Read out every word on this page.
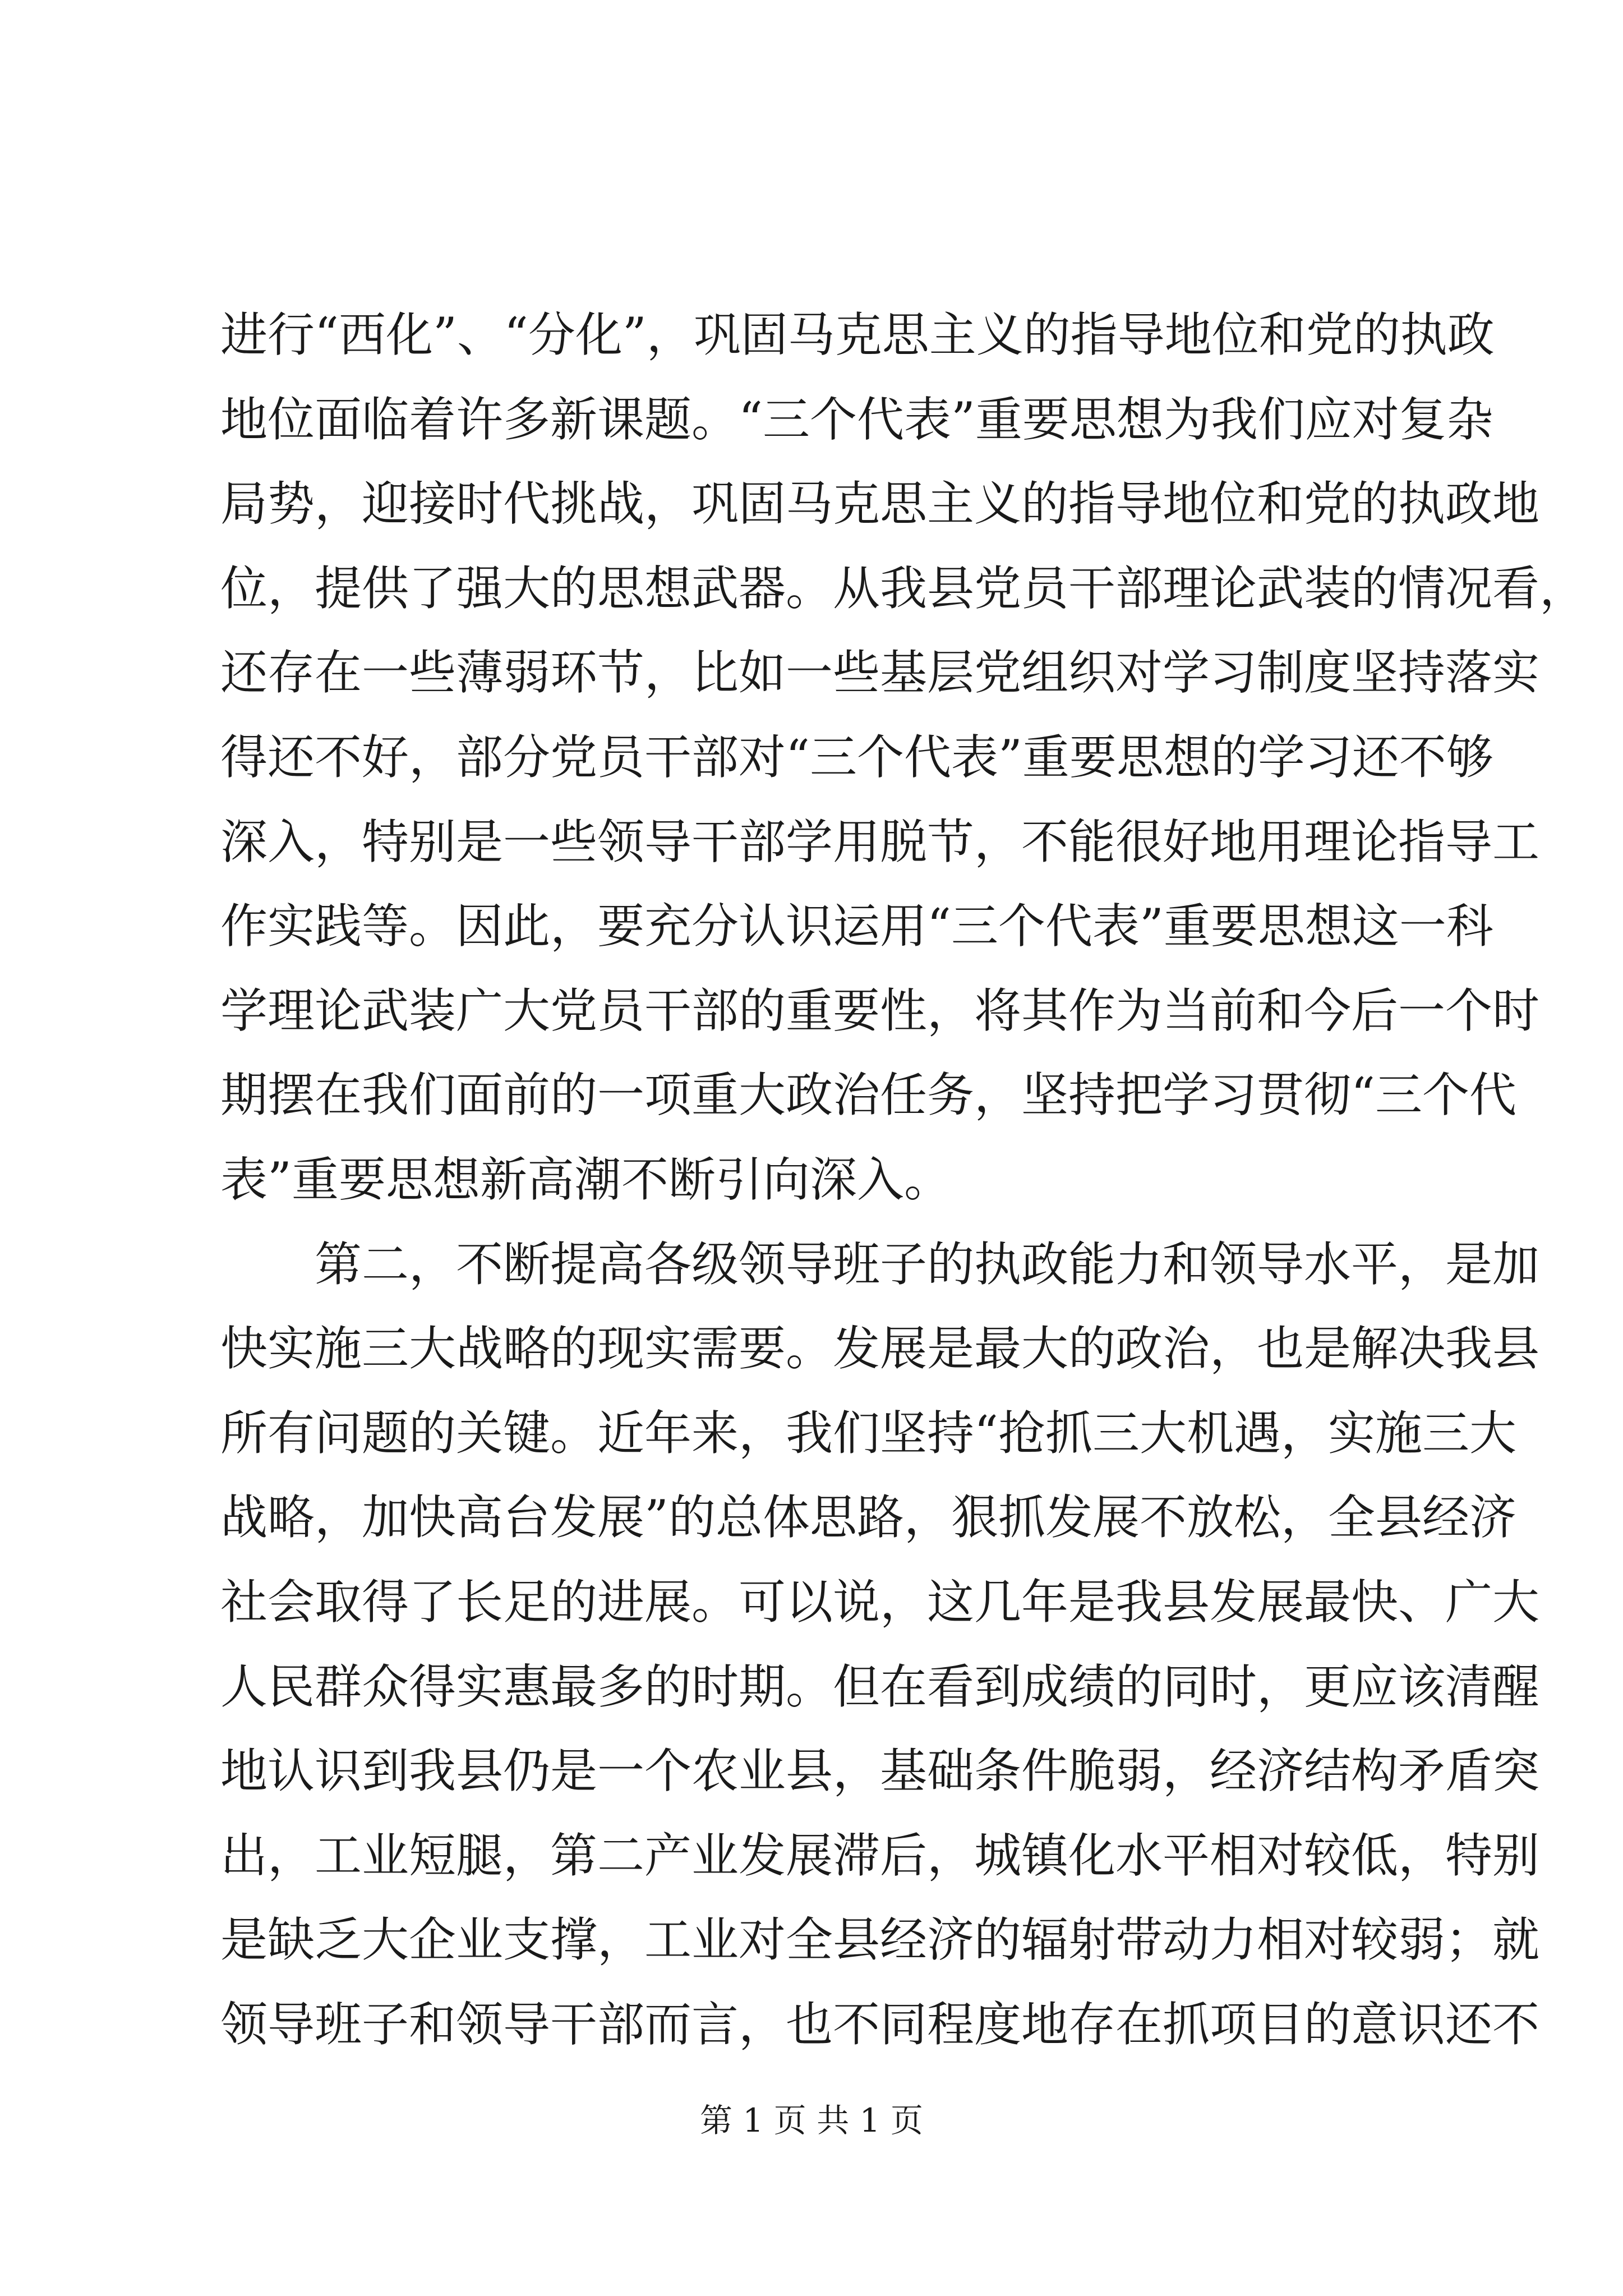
进行“西化”、“分化”，巩固马克思主义的指导地位和党的执政
地位面临着许多新课题。“三个代表”重要思想为我们应对复杂
局势，迎接时代挑战，巩固马克思主义的指导地位和党的执政地
位，提供了强大的思想武器。从我县党员干部理论武装的情况看，
还存在一些薄弱环节，比如一些基层党组织对学习制度坚持落实
得还不好，部分党员干部对“三个代表”重要思想的学习还不够
深入，特别是一些领导干部学用脱节，不能很好地用理论指导工
作实践等。因此，要充分认识运用“三个代表”重要思想这一科
学理论武装广大党员干部的重要性，将其作为当前和今后一个时
期摆在我们面前的一项重大政治任务，坚持把学习贯彻“三个代
表”重要思想新高潮不断引向深入。
第二，不断提高各级领导班子的执政能力和领导水平，是加
快实施三大战略的现实需要。发展是最大的政治，也是解决我县
所有问题的关键。近年来，我们坚持“抢抓三大机遇，实施三大
战略，加快高台发展”的总体思路，狠抓发展不放松，全县经济
社会取得了长足的进展。可以说，这几年是我县发展最快、广大
人民群众得实惠最多的时期。但在看到成绩的同时，更应该清醒
地认识到我县仍是一个农业县，基础条件脆弱，经济结构矛盾突
出，工业短腿，第二产业发展滞后，城镇化水平相对较低，特别
是缺乏大企业支撑，工业对全县经济的辐射带动力相对较弱；就
领导班子和领导干部而言，也不同程度地存在抓项目的意识还不
第 1 页 共 1 页
